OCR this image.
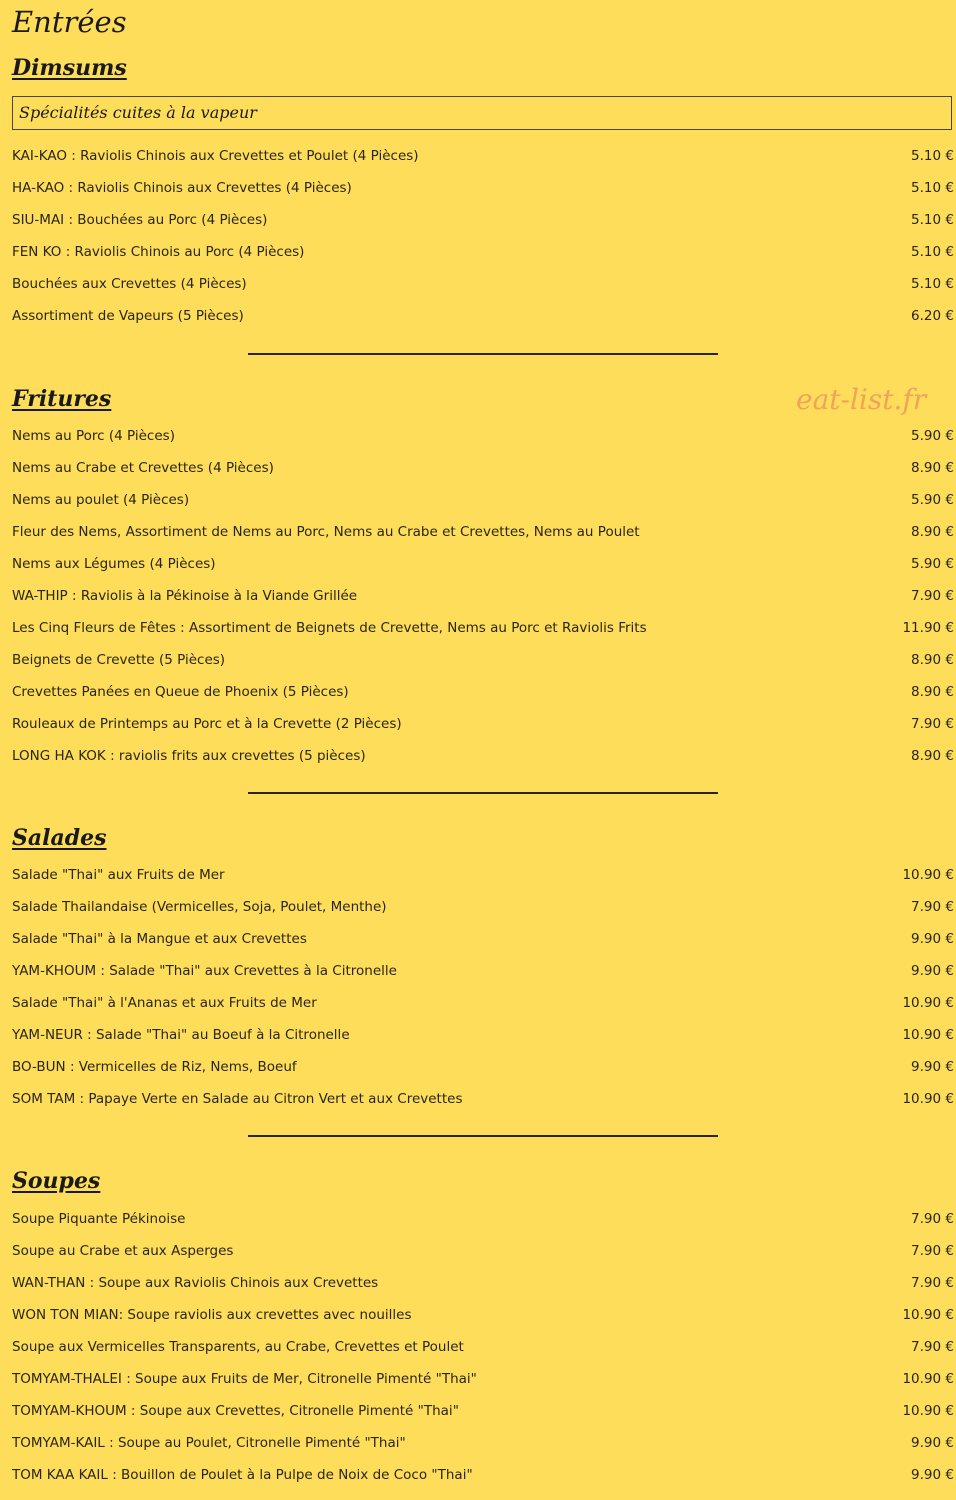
Entrées
Dimsums
Spécialités cuites à la vapeur
KAI-KAO : Raviolis Chinois aux Crevettes et Poulet (4 Pièces)	5.10 €
HA-KAO : Raviolis Chinois aux Crevettes (4 Pièces)	5.10 €
SIU-MAI : Bouchées au Porc (4 Pièces)	5.10 €
FEN KO : Raviolis Chinois au Porc (4 Pièces)	5.10 €
Bouchées aux Crevettes (4 Pièces)	5.10 €
Assortiment de Vapeurs (5 Pièces)	6.20 €
Fritures	eat-list.fr
Nems au Porc (4 Pièces)	5.90 €
Nems au Crabe et Crevettes (4 Pièces)	8.90 €
Nems au poulet (4 Pièces)	5.90 €
Fleur des Nems, Assortiment de Nems au Porc, Nems au Crabe et Crevettes, Nems au Poulet	8.90 €
Nems aux Légumes (4 Pièces)	5.90 €
WA-THIP : Raviolis à la Pékinoise à la Viande Grillée	7.90 €
Les Cinq Fleurs de Fêtes : Assortiment de Beignets de Crevette, Nems au Porc et Raviolis Frits	11.90 €
Beignets de Crevette (5 Pièces)	8.90 €
Crevettes Panées en Queue de Phoenix (5 Pièces)	8.90 €
Rouleaux de Printemps au Porc et à la Crevette (2 Pièces)	7.90 €
LONG HA KOK : raviolis frits aux crevettes (5 pièces)	8.90 €
Salades
Salade "Thai" aux Fruits de Mer	10.90 €
Salade Thailandaise (Vermicelles, Soja, Poulet, Menthe)	7.90 €
Salade "Thai" à la Mangue et aux Crevettes	9.90 €
YAM-KHOUM : Salade "Thai" aux Crevettes à la Citronelle	9.90 €
Salade "Thai" à l'Ananas et aux Fruits de Mer	10.90 €
YAM-NEUR : Salade "Thai" au Boeuf à la Citronelle	10.90 €
BO-BUN : Vermicelles de Riz, Nems, Boeuf	9.90 €
SOM TAM : Papaye Verte en Salade au Citron Vert et aux Crevettes	10.90 €
Soupes
Soupe Piquante Pékinoise	7.90 €
Soupe au Crabe et aux Asperges	7.90 €
WAN-THAN : Soupe aux Raviolis Chinois aux Crevettes	7.90 €
WON TON MIAN: Soupe raviolis aux crevettes avec nouilles	10.90 €
Soupe aux Vermicelles Transparents, au Crabe, Crevettes et Poulet	7.90 €
TOMYAM-THALEI : Soupe aux Fruits de Mer, Citronelle Pimenté "Thai"	10.90 €
TOMYAM-KHOUM : Soupe aux Crevettes, Citronelle Pimenté "Thai"	10.90 €
TOMYAM-KAIL : Soupe au Poulet, Citronelle Pimenté "Thai"	9.90 €
TOM KAA KAIL : Bouillon de Poulet à la Pulpe de Noix de Coco "Thai"	9.90 €
